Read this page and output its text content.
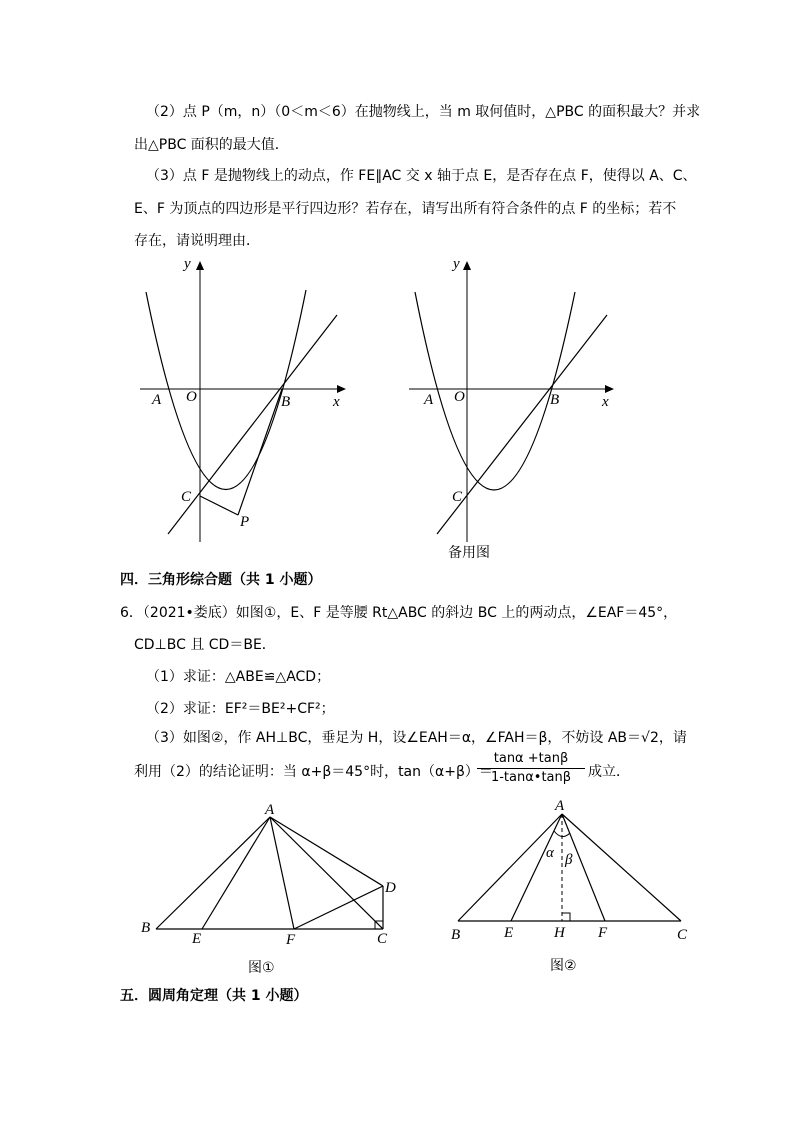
（2）点 P（m，n）（0＜m＜6）在抛物线上，当 m 取何值时，△PBC 的面积最大？并求
出△PBC 面积的最大值．
（3）点 F 是抛物线上的动点，作 FE∥AC 交 x 轴于点 E，是否存在点 F，使得以 A、C、
E、F 为顶点的四边形是平行四边形？若存在，请写出所有符合条件的点 F 的坐标；若不
存在，请说明理由．
y
x
A O	B
C
P
y
x
A O	B
C
备用图
四．三角形综合题（共 1 小题）
6．（2021•娄底）如图①，E、F 是等腰 Rt△ABC 的斜边 BC 上的两动点，∠EAF＝45°，
CD⊥BC 且 CD＝BE．
（1）求证：△ABE≌△ACD；
（2）求证：EF²＝BE²+CF²；
（3）如图②，作 AH⊥BC，垂足为 H，设∠EAH＝α，∠FAH＝β，不妨设 AB＝√2，请
利用（2）的结论证明：当 α+β＝45°时，tan（α+β）＝
tanα +tanβ
1-tanα•tanβ	成立．
A
B
E	F	C
D
图①
α β
A
B	E	H F	C
图②
五．圆周角定理（共 1 小题）
